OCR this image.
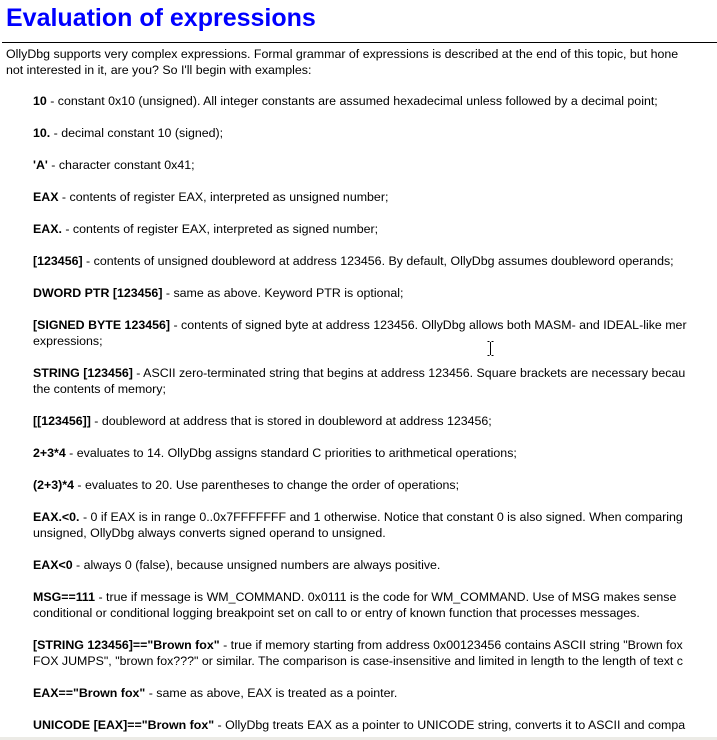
Evaluation of expressions
OllyDbg supports very complex expressions. Formal grammar of expressions is described at the end of this topic, but hone
not interested in it, are you? So I'll begin with examples:
10 - constant 0x10 (unsigned). All integer constants are assumed hexadecimal unless followed by a decimal point;
10. - decimal constant 10 (signed);
'A' - character constant 0x41;
EAX - contents of register EAX, interpreted as unsigned number;
EAX. - contents of register EAX, interpreted as signed number;
[123456] - contents of unsigned doubleword at address 123456. By default, OllyDbg assumes doubleword operands;
DWORD PTR [123456] - same as above. Keyword PTR is optional;
[SIGNED BYTE 123456] - contents of signed byte at address 123456. OllyDbg allows both MASM- and IDEAL-like mer
expressions;
STRING [123456] - ASCII zero-terminated string that begins at address 123456. Square brackets are necessary becau
the contents of memory;
[[123456]] - doubleword at address that is stored in doubleword at address 123456;
2+3*4 - evaluates to 14. OllyDbg assigns standard C priorities to arithmetical operations;
(2+3)*4 - evaluates to 20. Use parentheses to change the order of operations;
EAX.<0. - 0 if EAX is in range 0..0x7FFFFFFF and 1 otherwise. Notice that constant 0 is also signed. When comparing
unsigned, OllyDbg always converts signed operand to unsigned.
EAX<0 - always 0 (false), because unsigned numbers are always positive.
MSG==111 - true if message is WM_COMMAND. 0x0111 is the code for WM_COMMAND. Use of MSG makes sense
conditional or conditional logging breakpoint set on call to or entry of known function that processes messages.
[STRING 123456]=="Brown fox" - true if memory starting from address 0x00123456 contains ASCII string "Brown fox
FOX JUMPS", "brown fox???" or similar. The comparison is case-insensitive and limited in length to the length of text c
EAX=="Brown fox" - same as above, EAX is treated as a pointer.
UNICODE [EAX]=="Brown fox" - OllyDbg treats EAX as a pointer to UNICODE string, converts it to ASCII and compa
